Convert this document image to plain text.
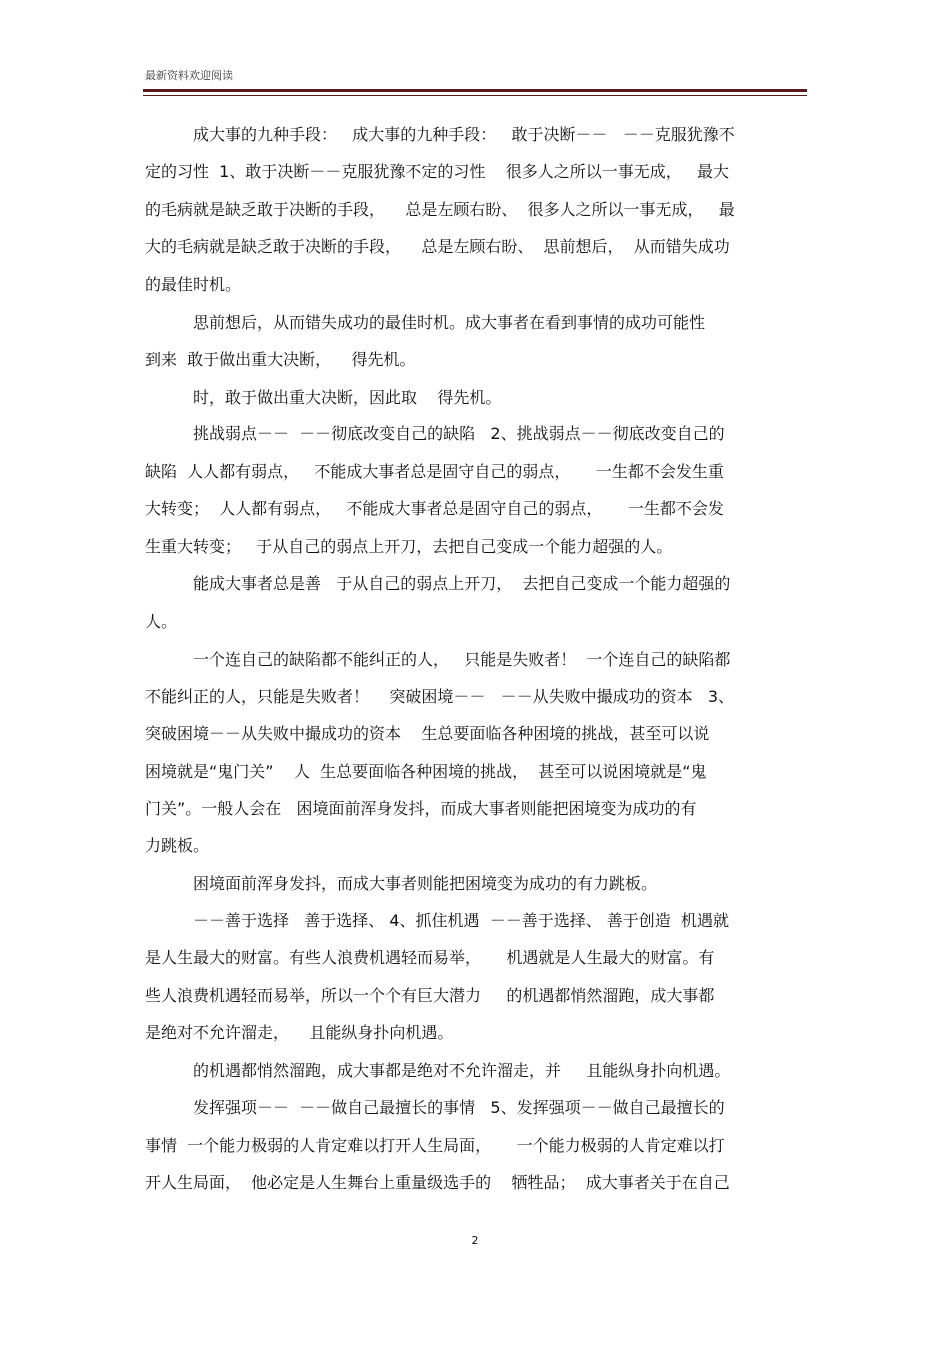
最新资料欢迎阅读
成大事的九种手段：   成大事的九种手段：   敢于决断－－   －－克服犹豫不
定的习性  1、敢于决断－－克服犹豫不定的习性    很多人之所以一事无成，   最大
的毛病就是缺乏敢于决断的手段，    总是左顾右盼、  很多人之所以一事无成，   最
大的毛病就是缺乏敢于决断的手段，    总是左顾右盼、  思前想后，  从而错失成功
的最佳时机。
思前想后，从而错失成功的最佳时机。成大事者在看到事情的成功可能性
到来  敢于做出重大决断，    得先机。
时，敢于做出重大决断，因此取    得先机。
挑战弱点－－  －－彻底改变自己的缺陷   2、挑战弱点－－彻底改变自己的
缺陷  人人都有弱点，   不能成大事者总是固守自己的弱点，     一生都不会发生重
大转变；  人人都有弱点，   不能成大事者总是固守自己的弱点，     一生都不会发
生重大转变；   于从自己的弱点上开刀，去把自己变成一个能力超强的人。
能成大事者总是善   于从自己的弱点上开刀，  去把自己变成一个能力超强的
人。
一个连自己的缺陷都不能纠正的人，   只能是失败者！  一个连自己的缺陷都
不能纠正的人，只能是失败者！    突破困境－－   －－从失败中撮成功的资本   3、
突破困境－－从失败中撮成功的资本    生总要面临各种困境的挑战，甚至可以说
困境就是“鬼门关”    人  生总要面临各种困境的挑战，  甚至可以说困境就是“鬼
门关”。一般人会在   困境面前浑身发抖，而成大事者则能把困境变为成功的有
力跳板。
困境面前浑身发抖，而成大事者则能把困境变为成功的有力跳板。
－－善于选择   善于选择、 4、抓住机遇  －－善于选择、 善于创造  机遇就
是人生最大的财富。有些人浪费机遇轻而易举，     机遇就是人生最大的财富。有
些人浪费机遇轻而易举，所以一个个有巨大潜力     的机遇都悄然溜跑，成大事都
是绝对不允许溜走，    且能纵身扑向机遇。
的机遇都悄然溜跑，成大事都是绝对不允许溜走，并     且能纵身扑向机遇。
发挥强项－－  －－做自己最擅长的事情   5、发挥强项－－做自己最擅长的
事情  一个能力极弱的人肯定难以打开人生局面，     一个能力极弱的人肯定难以打
开人生局面，  他必定是人生舞台上重量级选手的    牺牲品；  成大事者关于在自己
2
